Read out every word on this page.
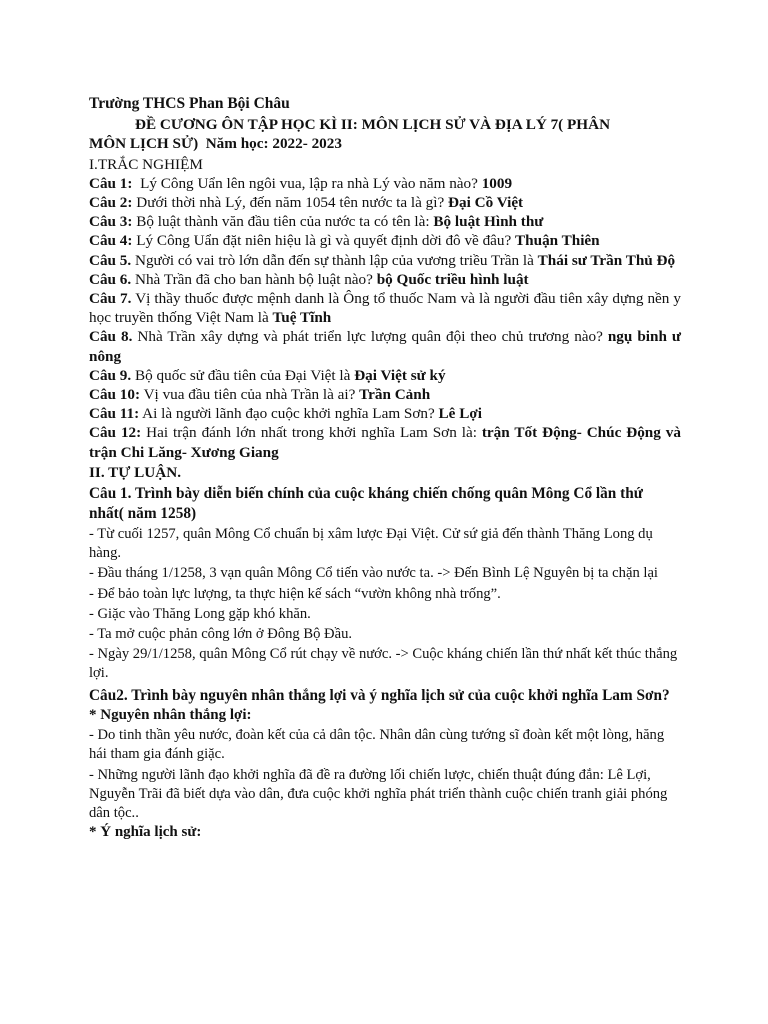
Trường THCS Phan Bội Châu
ĐỀ CƯƠNG ÔN TẬP HỌC KÌ II: MÔN LỊCH SỬ VÀ ĐỊA LÝ 7( PHÂN
MÔN LỊCH SỬ)  Năm học: 2022- 2023
I.TRẮC NGHIỆM
Câu 1:  Lý Công Uẩn lên ngôi vua, lập ra nhà Lý vào năm nào? 1009
Câu 2: Dưới thời nhà Lý, đến năm 1054 tên nước ta là gì? Đại Cồ Việt
Câu 3: Bộ luật thành văn đầu tiên của nước ta có tên là: Bộ luật Hình thư
Câu 4: Lý Công Uẩn đặt niên hiệu là gì và quyết định dời đô về đâu? Thuận Thiên
Câu 5. Người có vai trò lớn dẫn đến sự thành lập của vương triều Trần là Thái sư Trần Thủ Độ
Câu 6. Nhà Trần đã cho ban hành bộ luật nào? bộ Quốc triều hình luật
Câu 7. Vị thầy thuốc được mệnh danh là Ông tổ thuốc Nam và là người đầu tiên xây dựng nền y học truyền thống Việt Nam là Tuệ Tĩnh
Câu 8. Nhà Trần xây dựng và phát triển lực lượng quân đội theo chủ trương nào? ngụ binh ư nông
Câu 9. Bộ quốc sử đầu tiên của Đại Việt là Đại Việt sử ký
Câu 10: Vị vua đầu tiên của nhà Trần là ai? Trần Cảnh
Câu 11: Ai là người lãnh đạo cuộc khởi nghĩa Lam Sơn? Lê Lợi
Câu 12: Hai trận đánh lớn nhất trong khởi nghĩa Lam Sơn là: trận Tốt Động- Chúc Động và trận Chi Lăng- Xương Giang
II. TỰ LUẬN.
Câu 1. Trình bày diễn biến chính của cuộc kháng chiến chống quân Mông Cổ lần thứ nhất( năm 1258)
- Từ cuối 1257, quân Mông Cổ chuẩn bị xâm lược Đại Việt. Cử sứ giả đến thành Thăng Long dụ hàng.
- Đầu tháng 1/1258, 3 vạn quân Mông Cổ tiến vào nước ta. -> Đến Bình Lệ Nguyên bị ta chặn lại
- Để bảo toàn lực lượng, ta thực hiện kế sách “vườn không nhà trống”.
- Giặc vào Thăng Long gặp khó khăn.
- Ta mở cuộc phản công lớn ở Đông Bộ Đầu.
- Ngày 29/1/1258, quân Mông Cổ rút chạy về nước. -> Cuộc kháng chiến lần thứ nhất kết thúc thắng lợi.
Câu2. Trình bày nguyên nhân thắng lợi và ý nghĩa lịch sử của cuộc khởi nghĩa Lam Sơn?
* Nguyên nhân thắng lợi:
- Do tinh thần yêu nước, đoàn kết của cả dân tộc. Nhân dân cùng tướng sĩ đoàn kết một lòng, hăng hái tham gia đánh giặc.
- Những người lãnh đạo khởi nghĩa đã đề ra đường lối chiến lược, chiến thuật đúng đắn: Lê Lợi, Nguyễn Trãi đã biết dựa vào dân, đưa cuộc khởi nghĩa phát triển thành cuộc chiến tranh giải phóng dân tộc..
* Ý nghĩa lịch sử:
